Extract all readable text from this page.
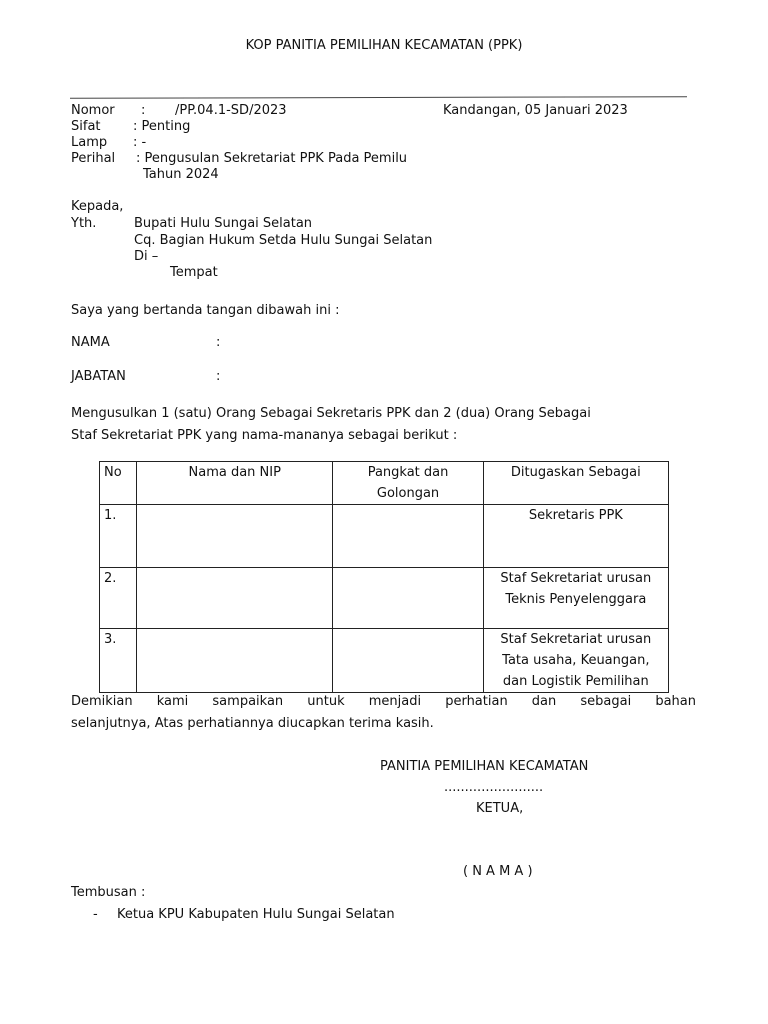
KOP PANITIA PEMILIHAN KECAMATAN (PPK)
Nomor : /PP.04.1-SD/2023	Kandangan, 05 Januari 2023
Sifat : Penting
Lamp : -
Perihal : Pengusulan Sekretariat PPK Pada Pemilu
Tahun 2024
Kepada,
Yth.	Bupati Hulu Sungai Selatan
Cq. Bagian Hukum Setda Hulu Sungai Selatan
Di –
Tempat
Saya yang bertanda tangan dibawah ini :
NAMA	:
JABATAN	:
Mengusulkan 1 (satu) Orang Sebagai Sekretaris PPK dan 2 (dua) Orang Sebagai
Staf Sekretariat PPK yang nama-mananya sebagai berikut :
No	Nama dan NIP	Pangkat dan Golongan	Ditugaskan Sebagai
1.			Sekretaris PPK

2.			Staf Sekretariat urusan
Teknis Penyelenggara

3.			Staf Sekretariat urusan
Tata usaha, Keuangan,
dan Logistik Pemilihan
Demikian kami sampaikan untuk menjadi perhatian dan sebagai bahan
selanjutnya, Atas perhatiannya diucapkan terima kasih.
PANITIA PEMILIHAN KECAMATAN
........................
KETUA,
( N A M A )
Tembusan :
- Ketua KPU Kabupaten Hulu Sungai Selatan
